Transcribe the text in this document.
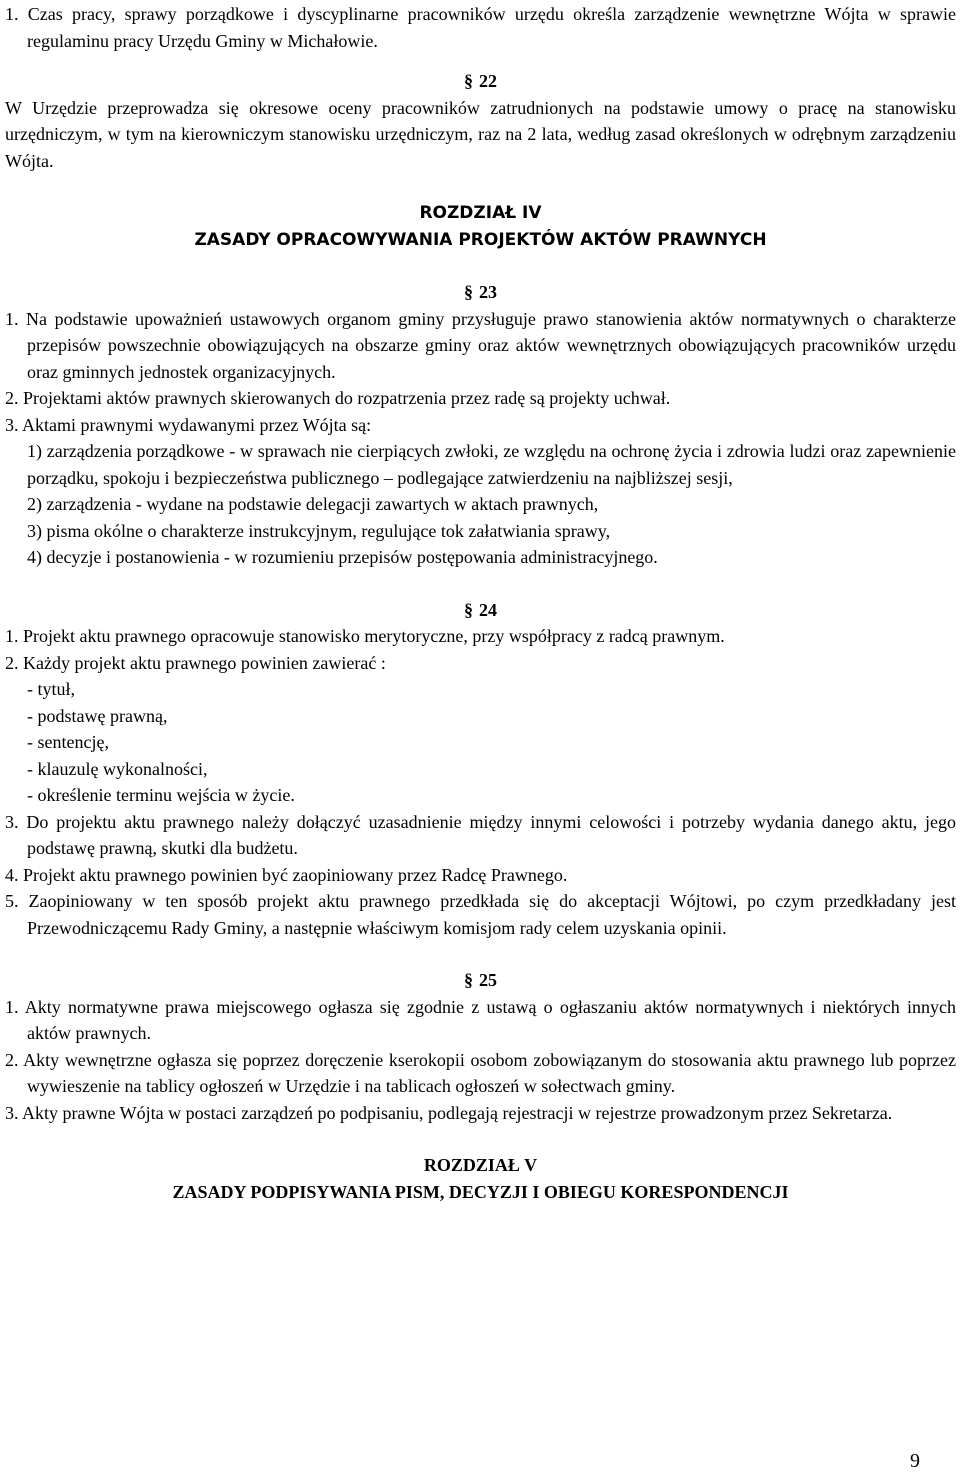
1. Czas pracy, sprawy porządkowe i dyscyplinarne pracowników urzędu określa zarządzenie wewnętrzne Wójta w sprawie regulaminu pracy Urzędu Gminy w Michałowie.

§ 22

W Urzędzie przeprowadza się okresowe oceny pracowników zatrudnionych na podstawie umowy o pracę na stanowisku urzędniczym, w tym na kierowniczym stanowisku urzędniczym, raz na 2 lata, według zasad określonych w odrębnym zarządzeniu Wójta.

ROZDZIAŁ IV
ZASADY OPRACOWYWANIA PROJEKTÓW AKTÓW PRAWNYCH
§ 23

1. Na podstawie upoważnień ustawowych organom gminy przysługuje prawo stanowienia aktów normatywnych o charakterze przepisów powszechnie obowiązujących na obszarze gminy oraz aktów wewnętrznych obowiązujących pracowników urzędu oraz gminnych jednostek organizacyjnych.

2. Projektami aktów prawnych skierowanych do rozpatrzenia przez radę są projekty uchwał.

3. Aktami prawnymi wydawanymi przez Wójta są:

1) zarządzenia porządkowe - w sprawach nie cierpiących zwłoki, ze względu na ochronę życia i zdrowia ludzi oraz zapewnienie porządku, spokoju i bezpieczeństwa publicznego – podlegające zatwierdzeniu na najbliższej sesji,

2) zarządzenia - wydane na podstawie delegacji zawartych w aktach prawnych,

3) pisma okólne o charakterze instrukcyjnym, regulujące tok załatwiania sprawy,

4) decyzje i postanowienia - w rozumieniu przepisów postępowania administracyjnego.

§ 24

1. Projekt aktu prawnego opracowuje stanowisko merytoryczne, przy współpracy z radcą prawnym.

2. Każdy projekt aktu prawnego powinien zawierać :

- tytuł,

- podstawę prawną,

- sentencję,

- klauzulę wykonalności,

- określenie terminu wejścia w życie.

3. Do projektu aktu prawnego należy dołączyć uzasadnienie między innymi celowości i potrzeby wydania danego aktu, jego podstawę prawną, skutki dla budżetu.

4. Projekt aktu prawnego powinien być zaopiniowany przez Radcę Prawnego.

5. Zaopiniowany w ten sposób projekt aktu prawnego przedkłada się do akceptacji Wójtowi, po czym przedkładany jest Przewodniczącemu Rady Gminy, a następnie właściwym komisjom rady celem uzyskania opinii.

§ 25

1. Akty normatywne prawa miejscowego ogłasza się zgodnie z ustawą o ogłaszaniu aktów normatywnych i niektórych innych aktów prawnych.

2. Akty wewnętrzne ogłasza się poprzez doręczenie kserokopii osobom zobowiązanym do stosowania aktu prawnego lub poprzez wywieszenie na tablicy ogłoszeń w Urzędzie i na tablicach ogłoszeń w sołectwach gminy.

3. Akty prawne Wójta w postaci zarządzeń po podpisaniu, podlegają rejestracji w rejestrze prowadzonym przez Sekretarza.

ROZDZIAŁ V
ZASADY PODPISYWANIA PISM, DECYZJI I OBIEGU KORESPONDENCJI
9
